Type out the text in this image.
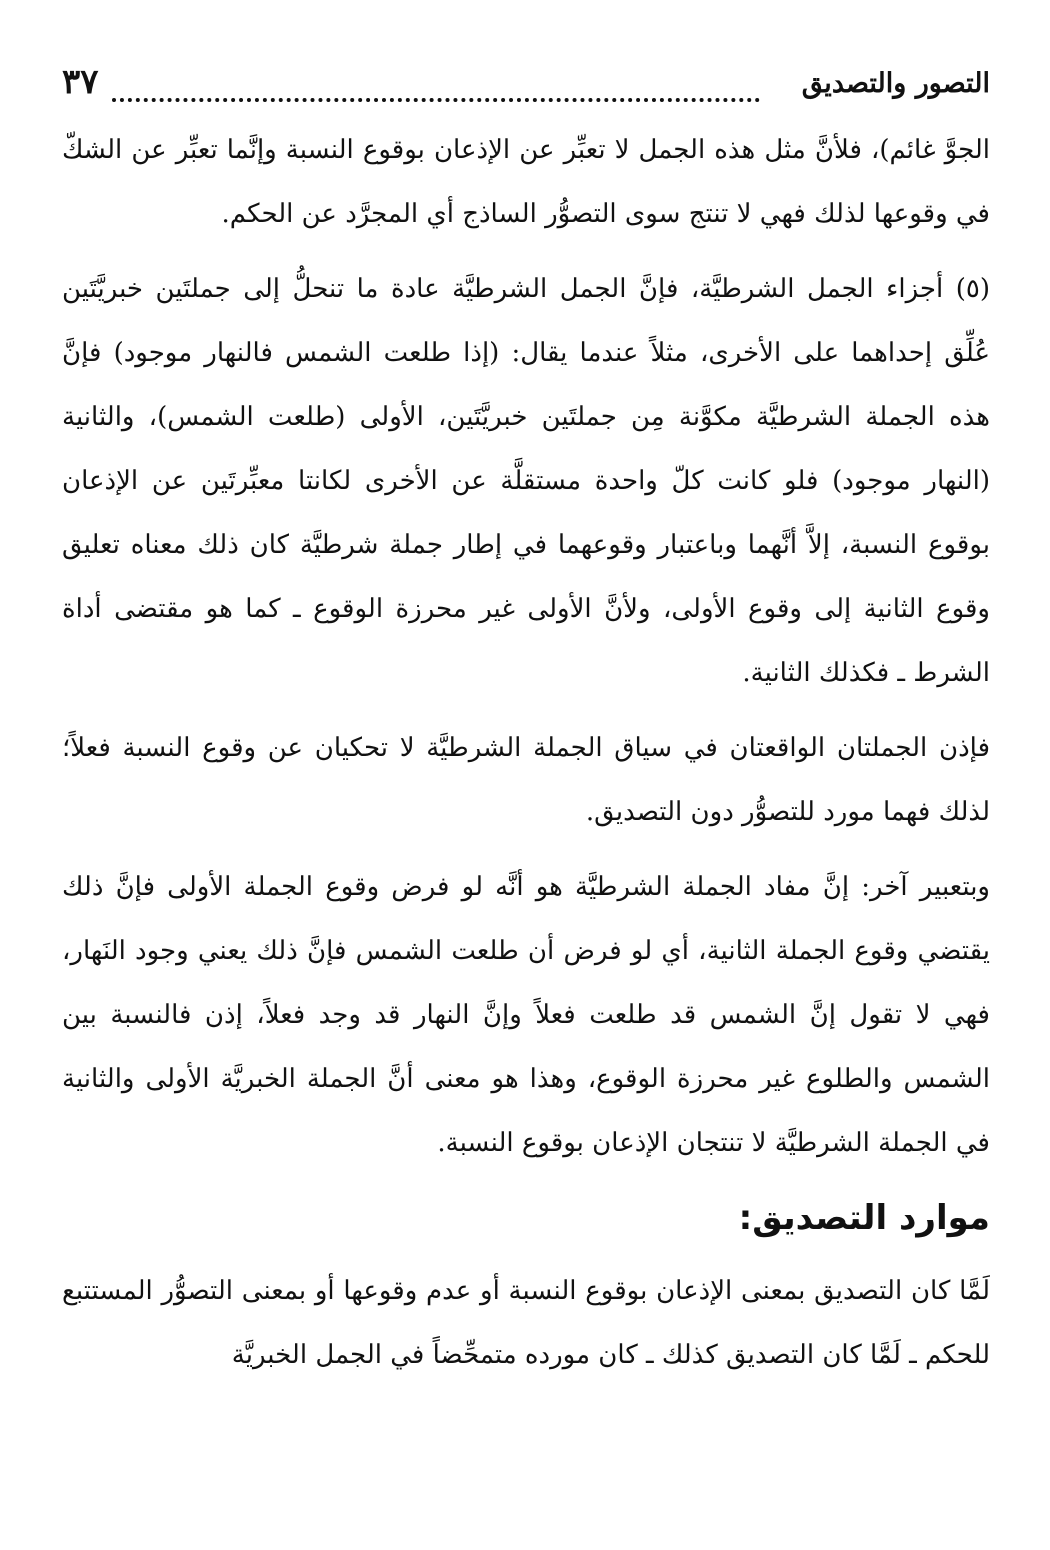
٣٧	التصور والتصديق

الجوَّ غائم)، فلأنَّ مثل هذه الجمل لا تعبِّر عن الإذعان بوقوع النسبة وإنَّما تعبِّر عن الشكّ في وقوعها لذلك فهي لا تنتج سوى التصوُّر الساذج أي المجرَّد عن الحكم.

(٥) أجزاء الجمل الشرطيَّة، فإنَّ الجمل الشرطيَّة عادة ما تنحلُّ إلى جملتَين خبريَّتَين عُلِّق إحداهما على الأخرى، مثلاً عندما يقال: (إذا طلعت الشمس فالنهار موجود) فإنَّ هذه الجملة الشرطيَّة مكوَّنة مِن جملتَين خبريَّتَين، الأولى (طلعت الشمس)، والثانية (النهار موجود) فلو كانت كلّ واحدة مستقلَّة عن الأخرى لكانتا معبِّرتَين عن الإذعان بوقوع النسبة، إلاَّ أنَّهما وباعتبار وقوعهما في إطار جملة شرطيَّة كان ذلك معناه تعليق وقوع الثانية إلى وقوع الأولى، ولأنَّ الأولى غير محرزة الوقوع ـ كما هو مقتضى أداة الشرط ـ فكذلك الثانية.

فإذن الجملتان الواقعتان في سياق الجملة الشرطيَّة لا تحكيان عن وقوع النسبة فعلاً؛ لذلك فهما مورد للتصوُّر دون التصديق.

وبتعبير آخر: إنَّ مفاد الجملة الشرطيَّة هو أنَّه لو فرض وقوع الجملة الأولى فإنَّ ذلك يقتضي وقوع الجملة الثانية، أي لو فرض أن طلعت الشمس فإنَّ ذلك يعني وجود النَهار، فهي لا تقول إنَّ الشمس قد طلعت فعلاً وإنَّ النهار قد وجد فعلاً، إذن فالنسبة بين الشمس والطلوع غير محرزة الوقوع، وهذا هو معنى أنَّ الجملة الخبريَّة الأولى والثانية في الجملة الشرطيَّة لا تنتجان الإذعان بوقوع النسبة.

موارد التصديق:

لَمَّا كان التصديق بمعنى الإذعان بوقوع النسبة أو عدم وقوعها أو بمعنى التصوُّر المستتبع للحكم ـ لَمَّا كان التصديق كذلك ـ كان مورده متمحِّضاً في الجمل الخبريَّة
